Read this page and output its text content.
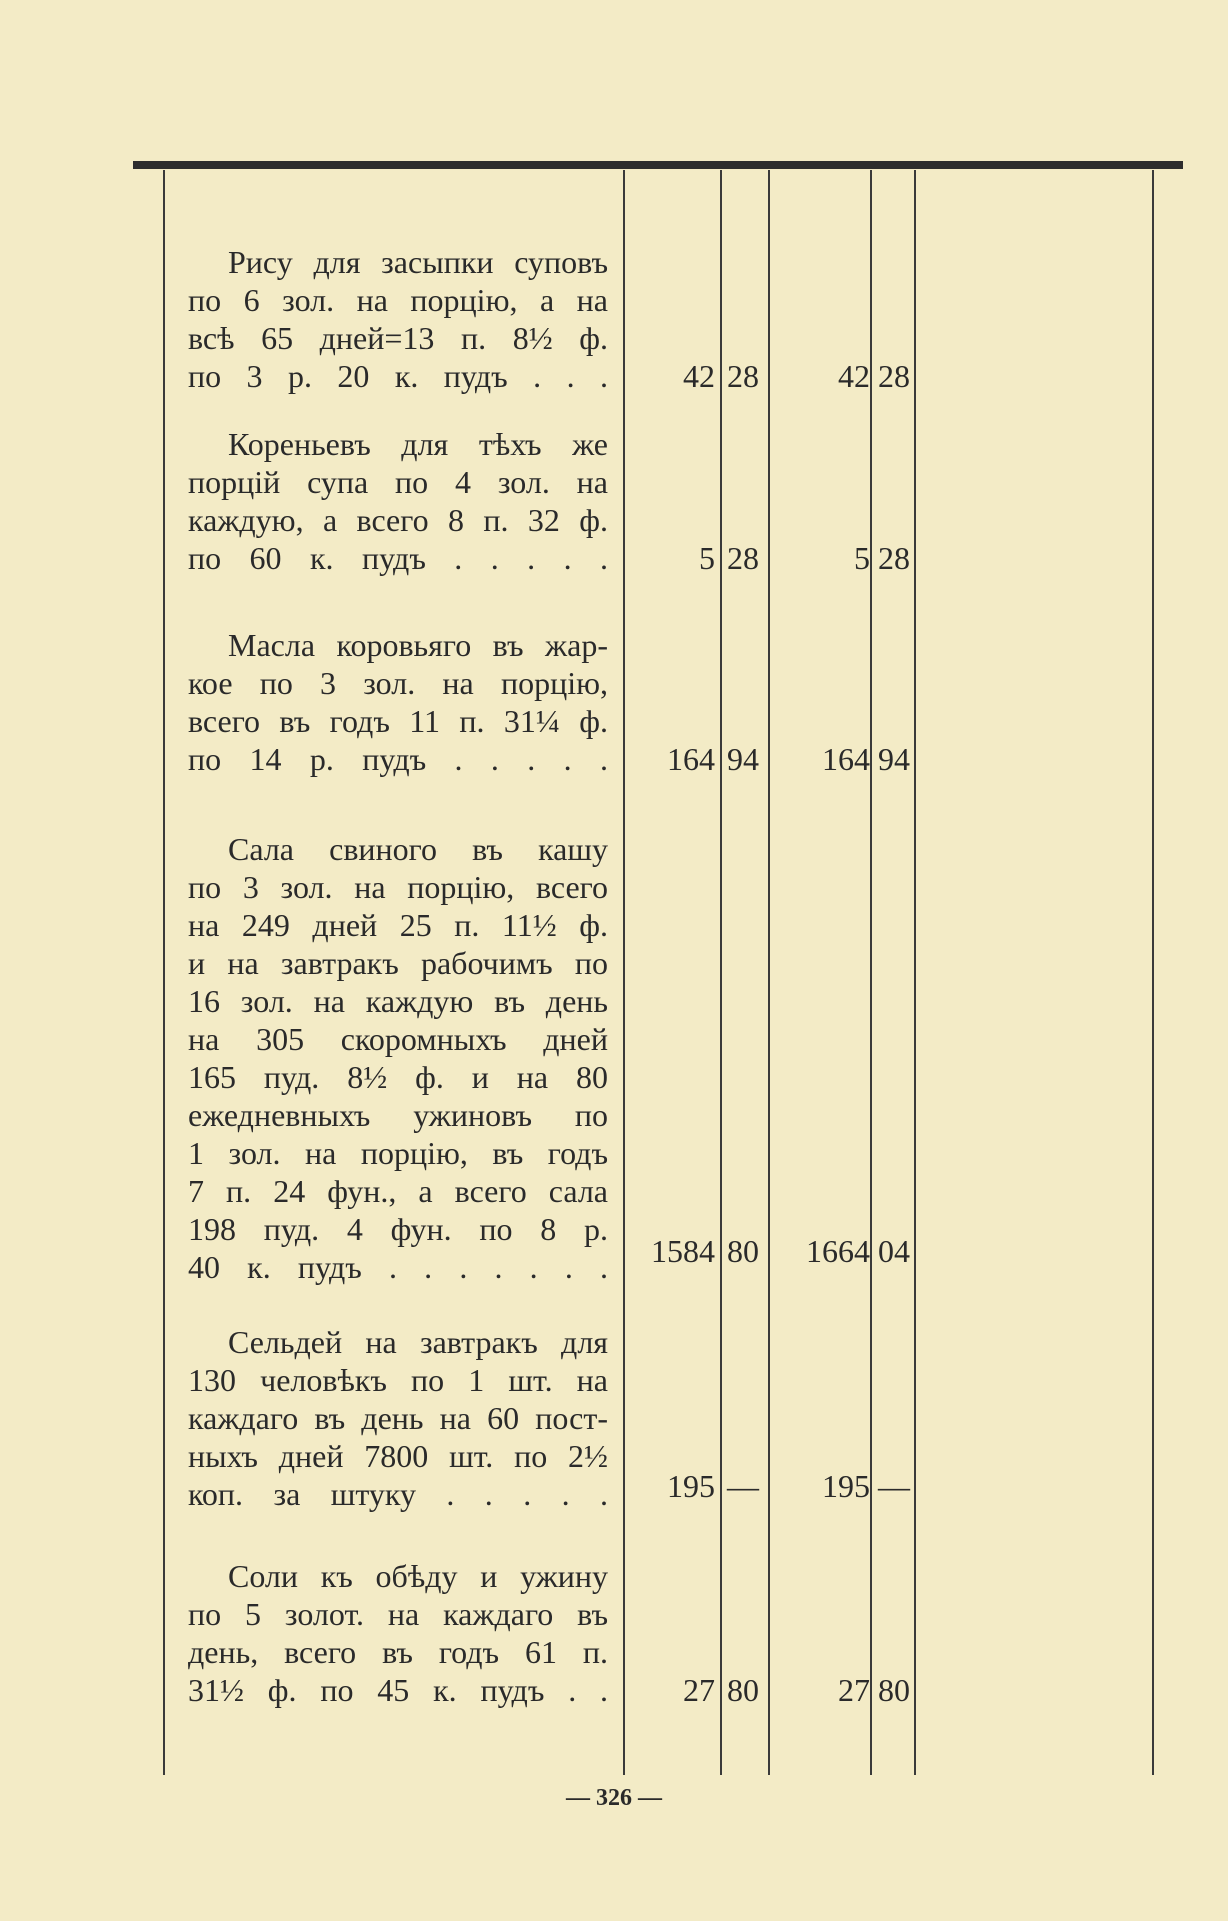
Рису для засыпки суповъ
по 6 зол. на порцію, а на
всѣ 65 дней=13 п. 8½ ф.
по 3 р. 20 к. пудъ . . .	42 28	42 28
Кореньевъ для тѣхъ же
порцій супа по 4 зол. на
каждую, а всего 8 п. 32 ф.
по 60 к. пудъ . . . . .	5 28	5 28
Масла коровьяго въ жар-
кое по 3 зол. на порцію,
всего въ годъ 11 п. 31¼ ф.
по 14 р. пудъ . . . . .	164 94	164 94
Сала свиного въ кашу
по 3 зол. на порцію, всего
на 249 дней 25 п. 11½ ф.
и на завтракъ рабочимъ по
16 зол. на каждую въ день
на 305 скоромныхъ дней
165 пуд. 8½ ф. и на 80
ежедневныхъ ужиновъ по
1 зол. на порцію, въ годъ
7 п. 24 фун., а всего сала
198 пуд. 4 фун. по 8 р.
40 к. пудъ . . . . . . .	1584 80	1664 04
Сельдей на завтракъ для
130 человѣкъ по 1 шт. на
каждаго въ день на 60 пост-
ныхъ дней 7800 шт. по 2½
коп. за штуку . . . . .	195 —	195 —
Соли къ обѣду и ужину
по 5 золот. на каждаго въ
день, всего въ годъ 61 п.
31½ ф. по 45 к. пудъ . .	27 80	27 80
— 326 —
